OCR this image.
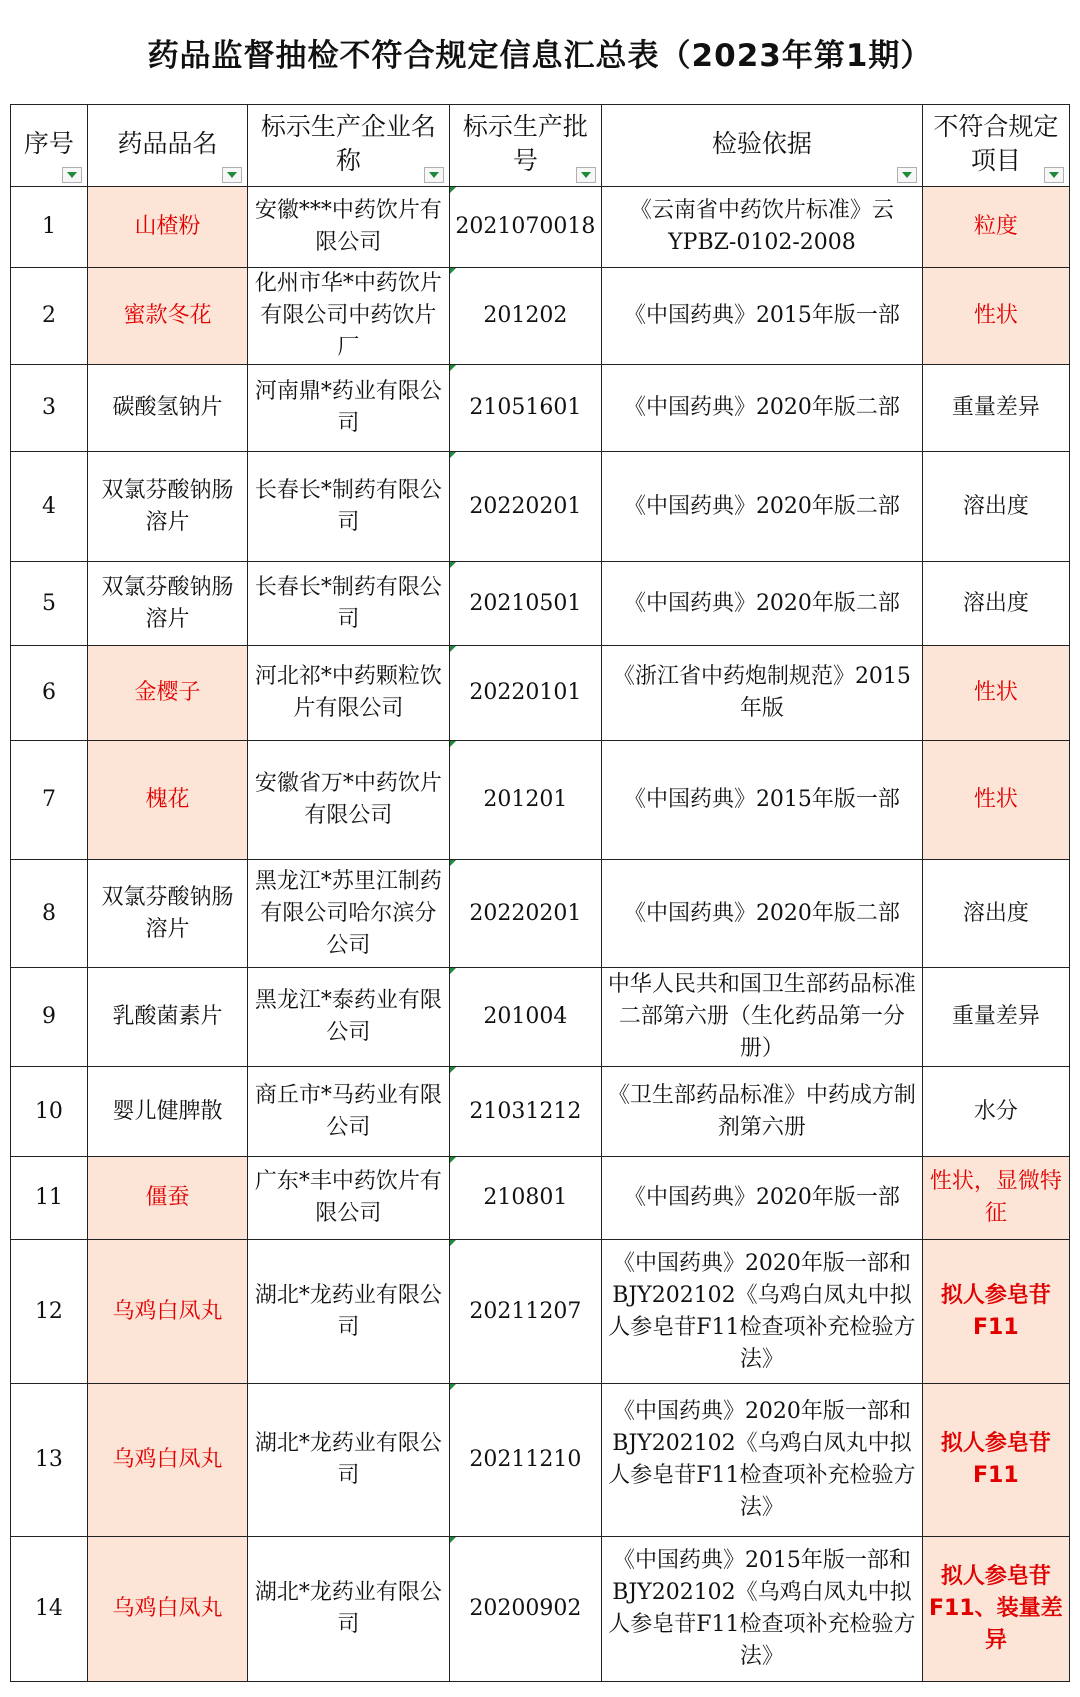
药品监督抽检不符合规定信息汇总表（2023年第1期）
序号	药品品名	标示生产企业名称	标示生产批号	检验依据	不符合规定项目

1	山楂粉	安徽***中药饮片有限公司	2021070018	《云南省中药饮片标准》云YPBZ-0102-2008	粒度
2	蜜款冬花	化州市华*中药饮片有限公司中药饮片厂	201202	《中国药典》2015年版一部	性状
3	碳酸氢钠片	河南鼎*药业有限公司	21051601	《中国药典》2020年版二部	重量差异
4	双氯芬酸钠肠溶片	长春长*制药有限公司	20220201	《中国药典》2020年版二部	溶出度
5	双氯芬酸钠肠溶片	长春长*制药有限公司	20210501	《中国药典》2020年版二部	溶出度
6	金樱子	河北祁*中药颗粒饮片有限公司	20220101	《浙江省中药炮制规范》2015年版	性状
7	槐花	安徽省万*中药饮片有限公司	201201	《中国药典》2015年版一部	性状
8	双氯芬酸钠肠溶片	黑龙江*苏里江制药有限公司哈尔滨分公司	20220201	《中国药典》2020年版二部	溶出度
9	乳酸菌素片	黑龙江*泰药业有限公司	201004	中华人民共和国卫生部药品标准二部第六册（生化药品第一分册）	重量差异
10	婴儿健脾散	商丘市*马药业有限公司	21031212	《卫生部药品标准》中药成方制剂第六册	水分
11	僵蚕	广东*丰中药饮片有限公司	210801	《中国药典》2020年版一部	性状，显微特征
12	乌鸡白凤丸	湖北*龙药业有限公司	20211207	《中国药典》2020年版一部和BJY202102《乌鸡白凤丸中拟人参皂苷F11检查项补充检验方法》	拟人参皂苷F11
13	乌鸡白凤丸	湖北*龙药业有限公司	20211210	《中国药典》2020年版一部和BJY202102《乌鸡白凤丸中拟人参皂苷F11检查项补充检验方法》	拟人参皂苷F11
14	乌鸡白凤丸	湖北*龙药业有限公司	20200902	《中国药典》2015年版一部和BJY202102《乌鸡白凤丸中拟人参皂苷F11检查项补充检验方法》	拟人参皂苷F11、装量差异
